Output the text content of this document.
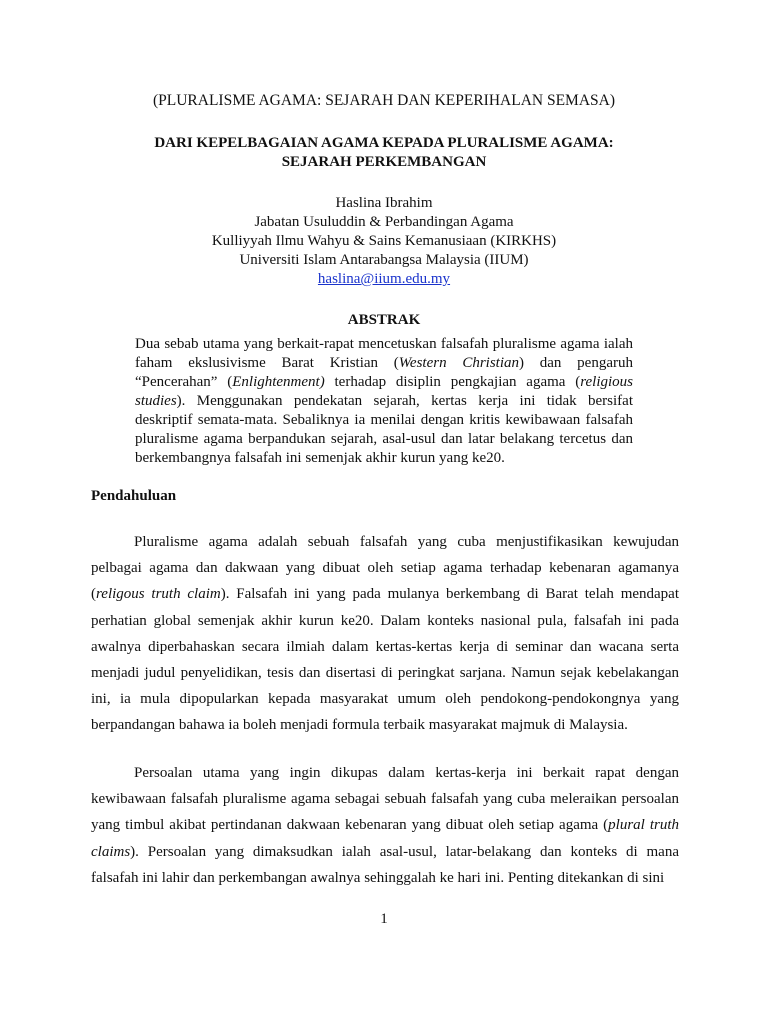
(PLURALISME AGAMA: SEJARAH DAN KEPERIHALAN SEMASA)
DARI KEPELBAGAIAN AGAMA KEPADA PLURALISME AGAMA:
SEJARAH PERKEMBANGAN
Haslina Ibrahim
Jabatan Usuluddin & Perbandingan Agama
Kulliyyah Ilmu Wahyu & Sains Kemanusiaan (KIRKHS)
Universiti Islam Antarabangsa Malaysia (IIUM)
haslina@iium.edu.my
ABSTRAK
Dua sebab utama yang berkait-rapat mencetuskan falsafah pluralisme agama ialah faham ekslusivisme Barat Kristian (Western Christian) dan pengaruh “Pencerahan” (Enlightenment) terhadap disiplin pengkajian agama (religious studies). Menggunakan pendekatan sejarah, kertas kerja ini tidak bersifat deskriptif semata-mata. Sebaliknya ia menilai dengan kritis kewibawaan falsafah pluralisme agama berpandukan sejarah, asal-usul dan latar belakang tercetus dan berkembangnya falsafah ini semenjak akhir kurun yang ke20.
Pendahuluan
Pluralisme agama adalah sebuah falsafah yang cuba menjustifikasikan kewujudan pelbagai agama dan dakwaan yang dibuat oleh setiap agama terhadap kebenaran agamanya (religous truth claim). Falsafah ini yang pada mulanya berkembang di Barat telah mendapat perhatian global semenjak akhir kurun ke20. Dalam konteks nasional pula, falsafah ini pada awalnya diperbahaskan secara ilmiah dalam kertas-kertas kerja di seminar dan wacana serta menjadi judul penyelidikan, tesis dan disertasi di peringkat sarjana. Namun sejak kebelakangan ini, ia mula dipopularkan kepada masyarakat umum oleh pendokong-pendokongnya yang berpandangan bahawa ia boleh menjadi formula terbaik masyarakat majmuk di Malaysia.
Persoalan utama yang ingin dikupas dalam kertas-kerja ini berkait rapat dengan kewibawaan falsafah pluralisme agama sebagai sebuah falsafah yang cuba meleraikan persoalan yang timbul akibat pertindanan dakwaan kebenaran yang dibuat oleh setiap agama (plural truth claims). Persoalan yang dimaksudkan ialah asal-usul, latar-belakang dan konteks di mana falsafah ini lahir dan perkembangan awalnya sehinggalah ke hari ini. Penting ditekankan di sini
1
